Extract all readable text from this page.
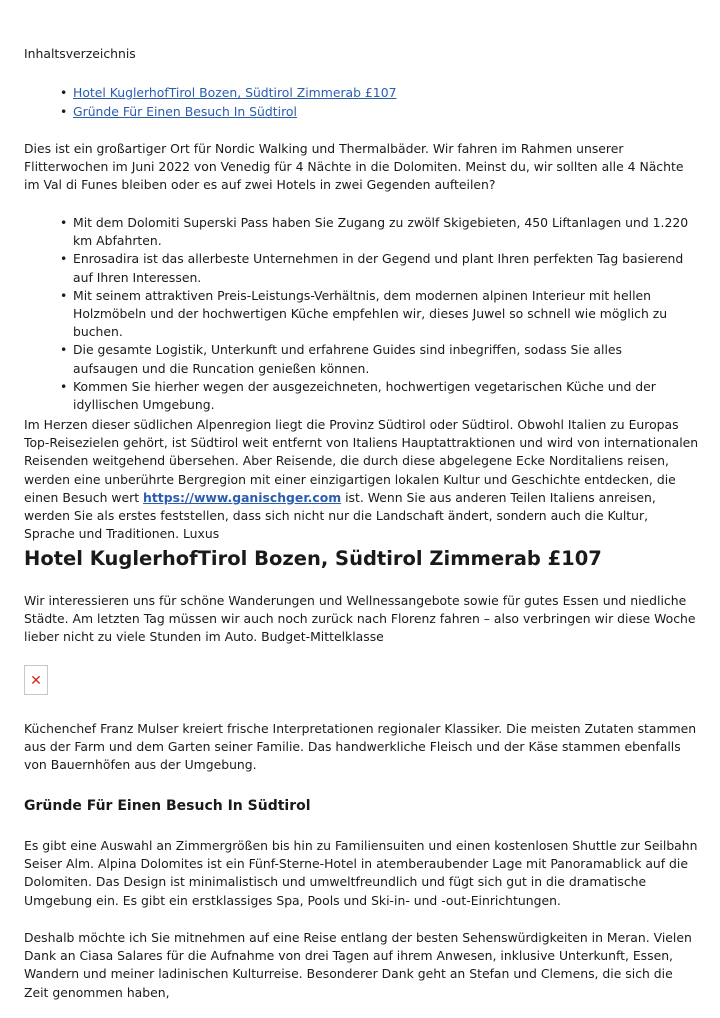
Inhaltsverzeichnis

• Hotel KuglerhofTirol Bozen, Südtirol Zimmerab £107
• Gründe Für Einen Besuch In Südtirol

Dies ist ein großartiger Ort für Nordic Walking und Thermalbäder. Wir fahren im Rahmen unserer Flitterwochen im Juni 2022 von Venedig für 4 Nächte in die Dolomiten. Meinst du, wir sollten alle 4 Nächte im Val di Funes bleiben oder es auf zwei Hotels in zwei Gegenden aufteilen?

• Mit dem Dolomiti Superski Pass haben Sie Zugang zu zwölf Skigebieten, 450 Liftanlagen und 1.220 km Abfahrten.
• Enrosadira ist das allerbeste Unternehmen in der Gegend und plant Ihren perfekten Tag basierend auf Ihren Interessen.
• Mit seinem attraktiven Preis-Leistungs-Verhältnis, dem modernen alpinen Interieur mit hellen Holzmöbeln und der hochwertigen Küche empfehlen wir, dieses Juwel so schnell wie möglich zu buchen.
• Die gesamte Logistik, Unterkunft und erfahrene Guides sind inbegriffen, sodass Sie alles aufsaugen und die Runcation genießen können.
• Kommen Sie hierher wegen der ausgezeichneten, hochwertigen vegetarischen Küche und der idyllischen Umgebung.

Im Herzen dieser südlichen Alpenregion liegt die Provinz Südtirol oder Südtirol. Obwohl Italien zu Europas Top-Reisezielen gehört, ist Südtirol weit entfernt von Italiens Hauptattraktionen und wird von internationalen Reisenden weitgehend übersehen. Aber Reisende, die durch diese abgelegene Ecke Norditaliens reisen, werden eine unberührte Bergregion mit einer einzigartigen lokalen Kultur und Geschichte entdecken, die einen Besuch wert https://www.ganischger.com ist. Wenn Sie aus anderen Teilen Italiens anreisen, werden Sie als erstes feststellen, dass sich nicht nur die Landschaft ändert, sondern auch die Kultur, Sprache und Traditionen. Luxus

Hotel KuglerhofTirol Bozen, Südtirol Zimmerab £107

Wir interessieren uns für schöne Wanderungen und Wellnessangebote sowie für gutes Essen und niedliche Städte. Am letzten Tag müssen wir auch noch zurück nach Florenz fahren – also verbringen wir diese Woche lieber nicht zu viele Stunden im Auto. Budget-Mittelklasse

✕

Küchenchef Franz Mulser kreiert frische Interpretationen regionaler Klassiker. Die meisten Zutaten stammen aus der Farm und dem Garten seiner Familie. Das handwerkliche Fleisch und der Käse stammen ebenfalls von Bauernhöfen aus der Umgebung.

Gründe Für Einen Besuch In Südtirol

Es gibt eine Auswahl an Zimmergrößen bis hin zu Familiensuiten und einen kostenlosen Shuttle zur Seilbahn Seiser Alm. Alpina Dolomites ist ein Fünf-Sterne-Hotel in atemberaubender Lage mit Panoramablick auf die Dolomiten. Das Design ist minimalistisch und umweltfreundlich und fügt sich gut in die dramatische Umgebung ein. Es gibt ein erstklassiges Spa, Pools und Ski-in- und -out-Einrichtungen.

Deshalb möchte ich Sie mitnehmen auf eine Reise entlang der besten Sehenswürdigkeiten in Meran. Vielen Dank an Ciasa Salares für die Aufnahme von drei Tagen auf ihrem Anwesen, inklusive Unterkunft, Essen, Wandern und meiner ladinischen Kulturreise. Besonderer Dank geht an Stefan und Clemens, die sich die Zeit genommen haben,
